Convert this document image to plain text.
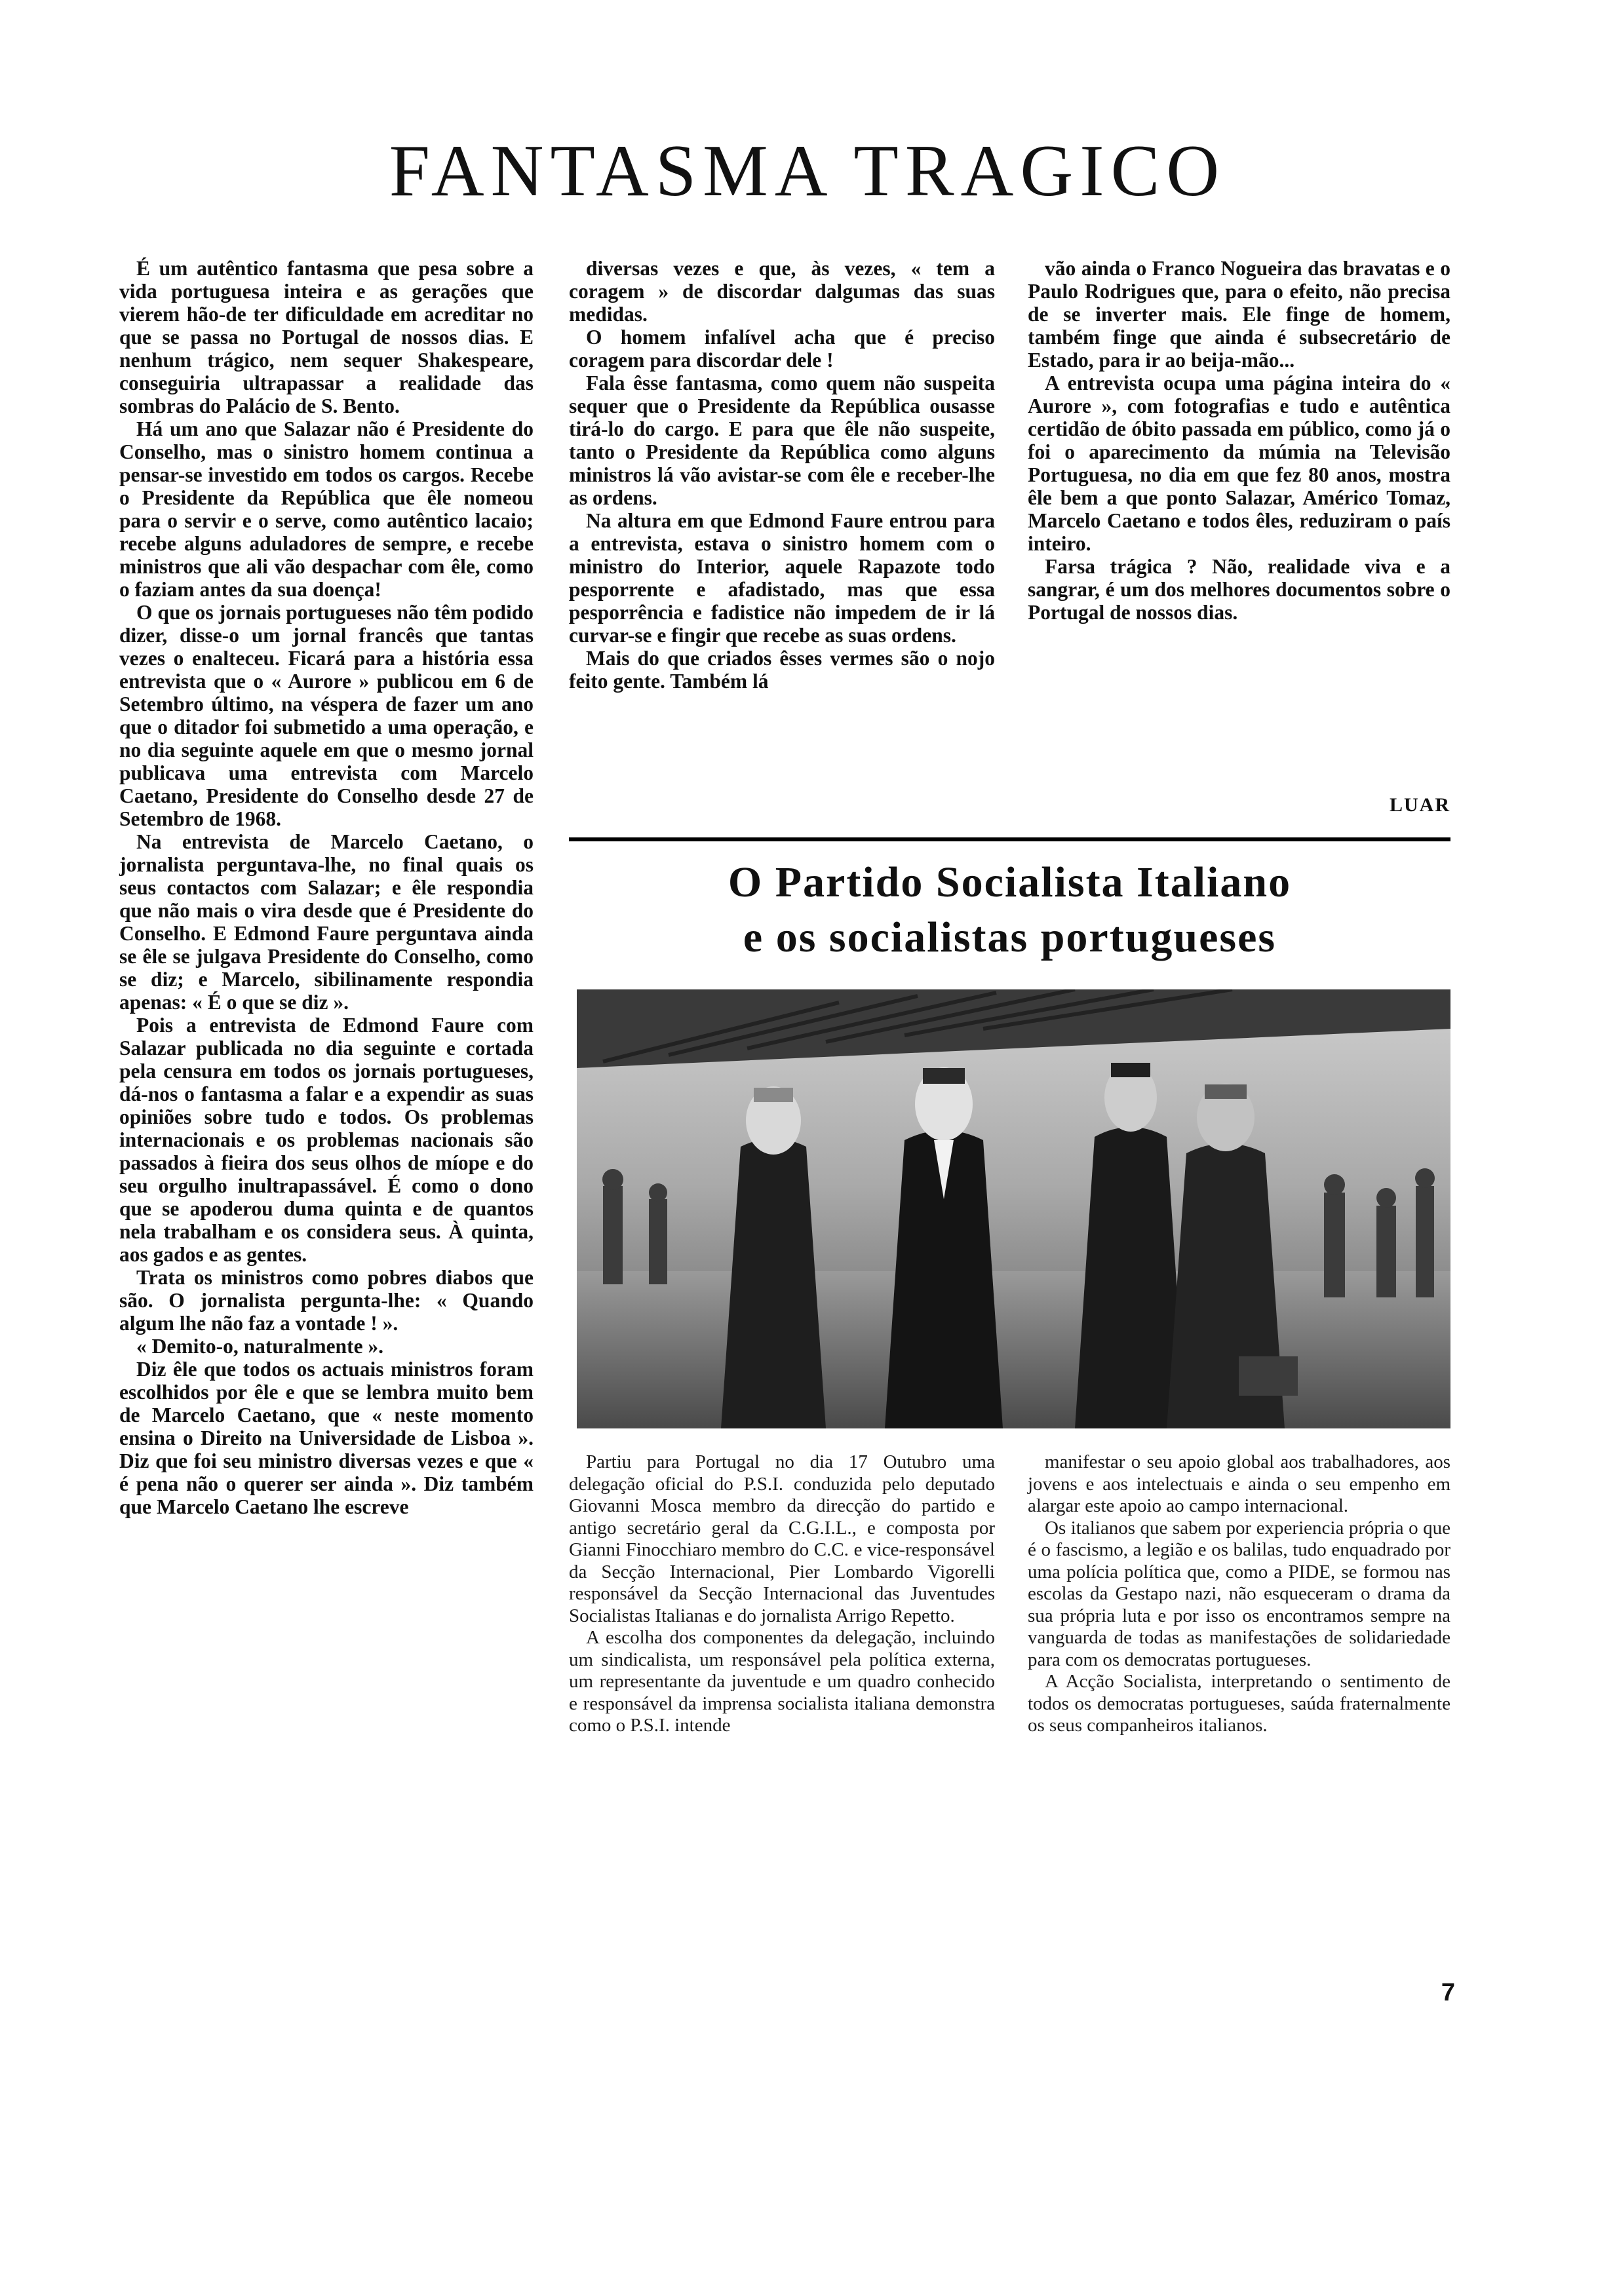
FANTASMA TRAGICO

É um autêntico fantasma que pesa sobre a vida portuguesa inteira e as gerações que vierem hão-de ter dificuldade em acreditar no que se passa no Portugal de nossos dias. E nenhum trágico, nem sequer Shakespeare, conseguiria ultrapassar a realidade das sombras do Palácio de S. Bento.

Há um ano que Salazar não é Presidente do Conselho, mas o sinistro homem continua a pensar-se investido em todos os cargos. Recebe o Presidente da República que êle nomeou para o servir e o serve, como autêntico lacaio; recebe alguns aduladores de sempre, e recebe ministros que ali vão despachar com êle, como o faziam antes da sua doença!

O que os jornais portugueses não têm podido dizer, disse-o um jornal francês que tantas vezes o enalteceu. Ficará para a história essa entrevista que o « Aurore » publicou em 6 de Setembro último, na véspera de fazer um ano que o ditador foi submetido a uma operação, e no dia seguinte aquele em que o mesmo jornal publicava uma entrevista com Marcelo Caetano, Presidente do Conselho desde 27 de Setembro de 1968.

Na entrevista de Marcelo Caetano, o jornalista perguntava-lhe, no final quais os seus contactos com Salazar; e êle respondia que não mais o vira desde que é Presidente do Conselho. E Edmond Faure perguntava ainda se êle se julgava Presidente do Conselho, como se diz; e Marcelo, sibilinamente respondia apenas: « É o que se diz ».

Pois a entrevista de Edmond Faure com Salazar publicada no dia seguinte e cortada pela censura em todos os jornais portugueses, dá-nos o fantasma a falar e a expendir as suas opiniões sobre tudo e todos. Os problemas internacionais e os problemas nacionais são passados à fieira dos seus olhos de míope e do seu orgulho inultrapassável. É como o dono que se apoderou duma quinta e de quantos nela trabalham e os considera seus. À quinta, aos gados e as gentes.

Trata os ministros como pobres diabos que são. O jornalista pergunta-lhe: « Quando algum lhe não faz a vontade ! ».

« Demito-o, naturalmente ».

Diz êle que todos os actuais ministros foram escolhidos por êle e que se lembra muito bem de Marcelo Caetano, que « neste momento ensina o Direito na Universidade de Lisboa ». Diz que foi seu ministro diversas vezes e que « é pena não o querer ser ainda ». Diz também que Marcelo Caetano lhe escreve

diversas vezes e que, às vezes, « tem a coragem » de discordar dalgumas das suas medidas.

O homem infalível acha que é preciso coragem para discordar dele !

Fala êsse fantasma, como quem não suspeita sequer que o Presidente da República ousasse tirá-lo do cargo. E para que êle não suspeite, tanto o Presidente da República como alguns ministros lá vão avistar-se com êle e receber-lhe as ordens.

Na altura em que Edmond Faure entrou para a entrevista, estava o sinistro homem com o ministro do Interior, aquele Rapazote todo pesporrente e afadistado, mas que essa pesporrência e fadistice não impedem de ir lá curvar-se e fingir que recebe as suas ordens.

Mais do que criados êsses vermes são o nojo feito gente. Também lá

vão ainda o Franco Nogueira das bravatas e o Paulo Rodrigues que, para o efeito, não precisa de se inverter mais. Ele finge de homem, também finge que ainda é subsecretário de Estado, para ir ao beija-mão...

A entrevista ocupa uma página inteira do « Aurore », com fotografias e tudo e autêntica certidão de óbito passada em público, como já o foi o aparecimento da múmia na Televisão Portuguesa, no dia em que fez 80 anos, mostra êle bem a que ponto Salazar, Américo Tomaz, Marcelo Caetano e todos êles, reduziram o país inteiro.

Farsa trágica ? Não, realidade viva e a sangrar, é um dos melhores documentos sobre o Portugal de nossos dias.

LUAR
O Partido Socialista Italiano
e os socialistas portugueses

Partiu para Portugal no dia 17 Outubro uma delegação oficial do P.S.I. conduzida pelo deputado Giovanni Mosca membro da direcção do partido e antigo secretário geral da C.G.I.L., e composta por Gianni Finocchiaro membro do C.C. e vice-responsável da Secção Internacional, Pier Lombardo Vigorelli responsável da Secção Internacional das Juventudes Socialistas Italianas e do jornalista Arrigo Repetto.

A escolha dos componentes da delegação, incluindo um sindicalista, um responsável pela política externa, um representante da juventude e um quadro conhecido e responsável da imprensa socialista italiana demonstra como o P.S.I. intende

manifestar o seu apoio global aos trabalhadores, aos jovens e aos intelectuais e ainda o seu empenho em alargar este apoio ao campo internacional.

Os italianos que sabem por experiencia própria o que é o fascismo, a legião e os balilas, tudo enquadrado por uma polícia política que, como a PIDE, se formou nas escolas da Gestapo nazi, não esqueceram o drama da sua própria luta e por isso os encontramos sempre na vanguarda de todas as manifestações de solidariedade para com os democratas portugueses.

A Acção Socialista, interpretando o sentimento de todos os democratas portugueses, saúda fraternalmente os seus companheiros italianos.

7
